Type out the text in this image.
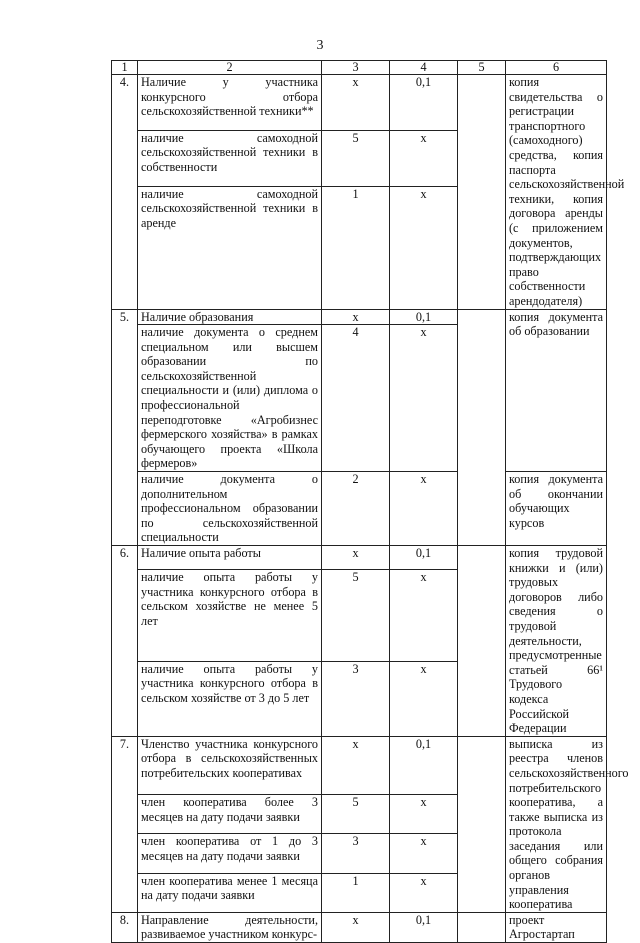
3
1	2	3	4	5	6
4.	Наличие у участника конкурсного отбора сельскохозяйственной техники**	x	0,1		копия свидетельства о регистрации транспортного (самоходного) средства, копия паспорта сельскохозяйственной техники, копия договора аренды (с приложением документов, подтверждающих право собственности арендодателя)
	наличие самоходной сельскохозяйственной техники в собственности	5	x		
	наличие самоходной сельскохозяйственной техники в аренде	1	x		
5.	Наличие образования	x	0,1		копия документа об образовании
	наличие документа о среднем специальном или высшем образовании по сельскохозяйственной специальности и (или) диплома о профессиональной переподготовке «Агробизнес фермерского хозяйства» в рамках обучающего проекта «Школа фермеров»	4	x		
	наличие документа о дополнительном профессиональном образовании по сельскохозяйственной специальности	2	x		копия документа об окончании обучающих курсов
6.	Наличие опыта работы	x	0,1		копия трудовой книжки и (или) трудовых договоров либо сведения о трудовой деятельности, предусмотренные статьей 66¹ Трудового кодекса Российской Федерации
	наличие опыта работы у участника конкурсного отбора в сельском хозяйстве не менее 5 лет	5	x		
	наличие опыта работы у участника конкурсного отбора в сельском хозяйстве от 3 до 5 лет	3	x		
7.	Членство участника конкурсного отбора в сельскохозяйственных потребительских кооперативах	x	0,1		выписка из реестра членов сельскохозяйственного потребительского кооператива, а также выписка из протокола заседания или общего собрания органов управления кооператива
	член кооператива более 3 месяцев на дату подачи заявки	5	x		
	член кооператива от 1 до 3 месяцев на дату подачи заявки	3	x		
	член кооператива менее 1 месяца на дату подачи заявки	1	x		
8.	Направление деятельности, развиваемое участником конкурс-	x	0,1		проект Агростартап
